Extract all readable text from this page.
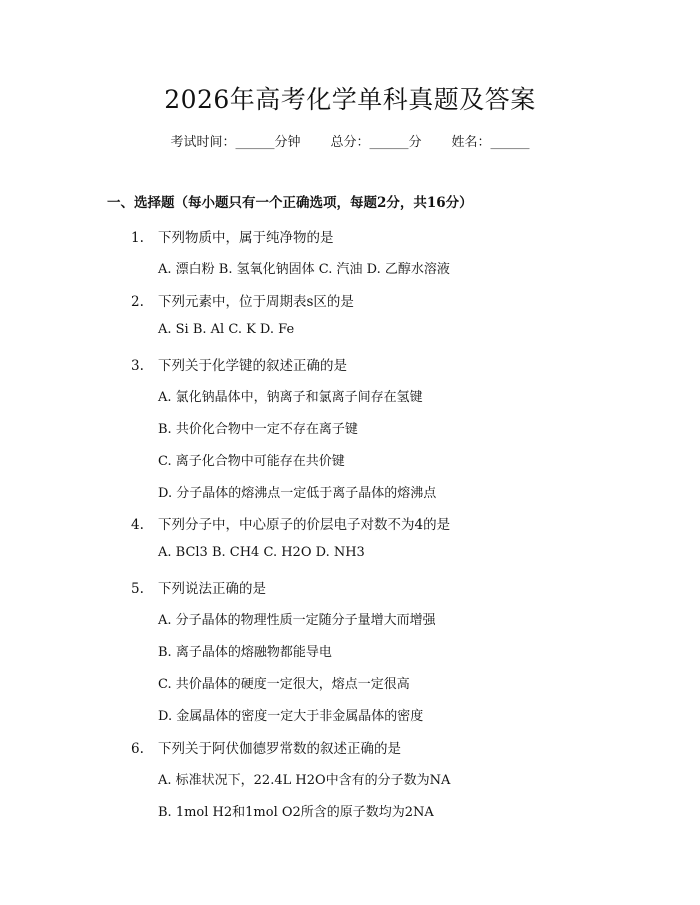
2026年高考化学单科真题及答案
考试时间：______分钟 总分：______分 姓名：______
一、选择题（每小题只有一个正确选项，每题2分，共16分）
1. 下列物质中，属于纯净物的是
A. 漂白粉 B. 氢氧化钠固体 C. 汽油 D. 乙醇水溶液
2. 下列元素中，位于周期表s区的是
A. Si B. Al C. K D. Fe
3. 下列关于化学键的叙述正确的是
A. 氯化钠晶体中，钠离子和氯离子间存在氢键
B. 共价化合物中一定不存在离子键
C. 离子化合物中可能存在共价键
D. 分子晶体的熔沸点一定低于离子晶体的熔沸点
4. 下列分子中，中心原子的价层电子对数不为4的是
A. BCl3 B. CH4 C. H2O D. NH3
5. 下列说法正确的是
A. 分子晶体的物理性质一定随分子量增大而增强
B. 离子晶体的熔融物都能导电
C. 共价晶体的硬度一定很大，熔点一定很高
D. 金属晶体的密度一定大于非金属晶体的密度
6. 下列关于阿伏伽德罗常数的叙述正确的是
A. 标准状况下，22.4L H2O中含有的分子数为NA
B. 1mol H2和1mol O2所含的原子数均为2NA
